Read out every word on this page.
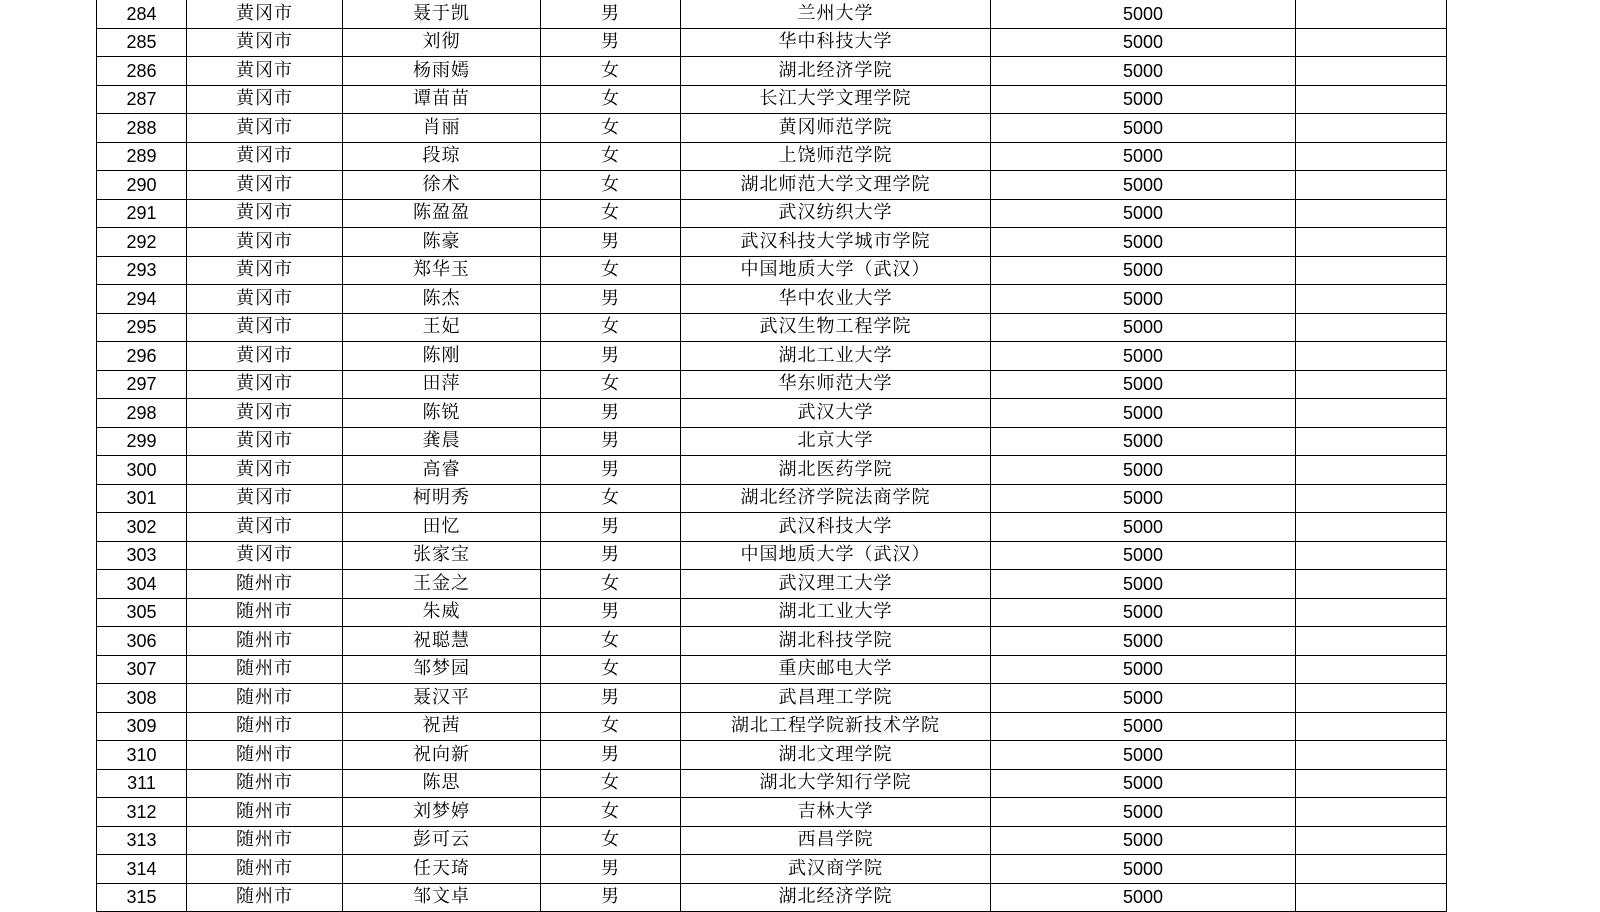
284	黄冈市	聂于凯	男	兰州大学	5000	
285	黄冈市	刘彻	男	华中科技大学	5000	
286	黄冈市	杨雨嫣	女	湖北经济学院	5000	
287	黄冈市	谭苗苗	女	长江大学文理学院	5000	
288	黄冈市	肖丽	女	黄冈师范学院	5000	
289	黄冈市	段琼	女	上饶师范学院	5000	
290	黄冈市	徐术	女	湖北师范大学文理学院	5000	
291	黄冈市	陈盈盈	女	武汉纺织大学	5000	
292	黄冈市	陈豪	男	武汉科技大学城市学院	5000	
293	黄冈市	郑华玉	女	中国地质大学（武汉）	5000	
294	黄冈市	陈杰	男	华中农业大学	5000	
295	黄冈市	王妃	女	武汉生物工程学院	5000	
296	黄冈市	陈刚	男	湖北工业大学	5000	
297	黄冈市	田萍	女	华东师范大学	5000	
298	黄冈市	陈锐	男	武汉大学	5000	
299	黄冈市	龚晨	男	北京大学	5000	
300	黄冈市	高睿	男	湖北医药学院	5000	
301	黄冈市	柯明秀	女	湖北经济学院法商学院	5000	
302	黄冈市	田忆	男	武汉科技大学	5000	
303	黄冈市	张家宝	男	中国地质大学（武汉）	5000	
304	随州市	王金之	女	武汉理工大学	5000	
305	随州市	朱威	男	湖北工业大学	5000	
306	随州市	祝聪慧	女	湖北科技学院	5000	
307	随州市	邹梦园	女	重庆邮电大学	5000	
308	随州市	聂汉平	男	武昌理工学院	5000	
309	随州市	祝茜	女	湖北工程学院新技术学院	5000	
310	随州市	祝向新	男	湖北文理学院	5000	
311	随州市	陈思	女	湖北大学知行学院	5000	
312	随州市	刘梦婷	女	吉林大学	5000	
313	随州市	彭可云	女	西昌学院	5000	
314	随州市	任天琦	男	武汉商学院	5000	
315	随州市	邹文卓	男	湖北经济学院	5000	
